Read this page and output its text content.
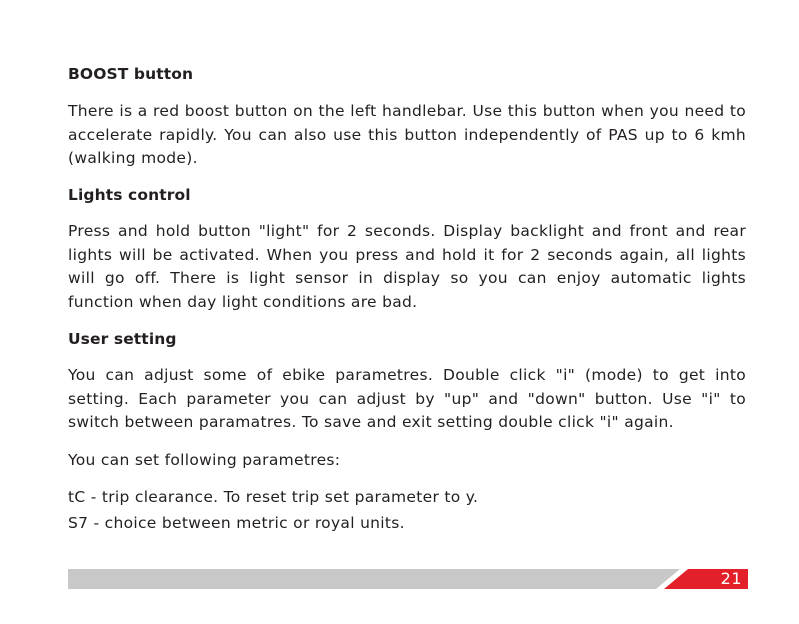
BOOST button

There is a red boost button on the left handlebar. Use this button when you need to accelerate rapidly. You can also use this button independently of PAS up to 6 kmh (walking mode).

Lights control

Press and hold button "light" for 2 seconds. Display backlight and front and rear lights will be activated. When you press and hold it for 2 seconds again, all lights will go off. There is light sensor in display so you can enjoy automatic lights function when day light conditions are bad.

User setting

You can adjust some of ebike parametres. Double click "i" (mode) to get into setting. Each parameter you can adjust by "up" and "down" button. Use "i" to switch between paramatres. To save and exit setting double click "i" again.

You can set following parametres:

tC - trip clearance. To reset trip set parameter to y.

S7 - choice between metric or royal units.

21
